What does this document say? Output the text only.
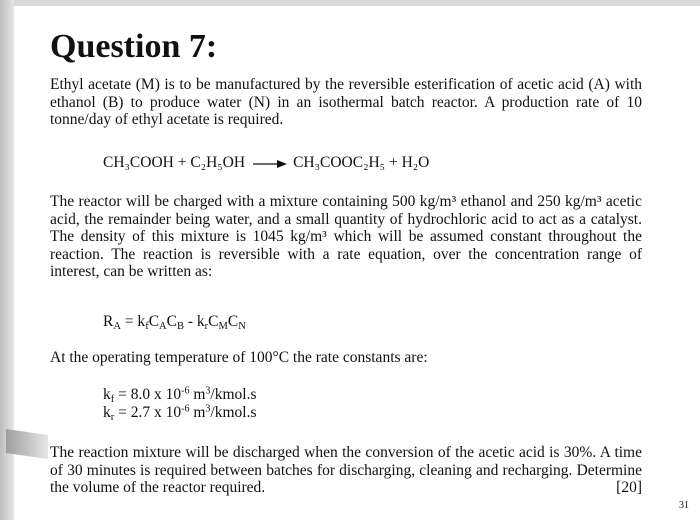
Question 7:

Ethyl acetate (M) is to be manufactured by the reversible esterification of acetic acid (A) with ethanol (B) to produce water (N) in an isothermal batch reactor. A production rate of 10 tonne/day of ethyl acetate is required.

CH₃COOH + C₂H₅OH → CH₃COOC₂H₅ + H₂O

The reactor will be charged with a mixture containing 500 kg/m³ ethanol and 250 kg/m³ acetic acid, the remainder being water, and a small quantity of hydrochloric acid to act as a catalyst. The density of this mixture is 1045 kg/m³ which will be assumed constant throughout the reaction. The reaction is reversible with a rate equation, over the concentration range of interest, can be written as:

$R_A = k_fC_AC_B - k_rC_MC_N$

At the operating temperature of 100°C the rate constants are:

$k_f = 8.0$ x $10^{-6}$ $m^3/kmol.s$
$k_r = 2.7$ x $10^{-6}$ $m^3/kmol.s$

The reaction mixture will be discharged when the conversion of the acetic acid is 30%. A time of 30 minutes is required between batches for discharging, cleaning and recharging. Determine the volume of the reactor required.	[20]

31
